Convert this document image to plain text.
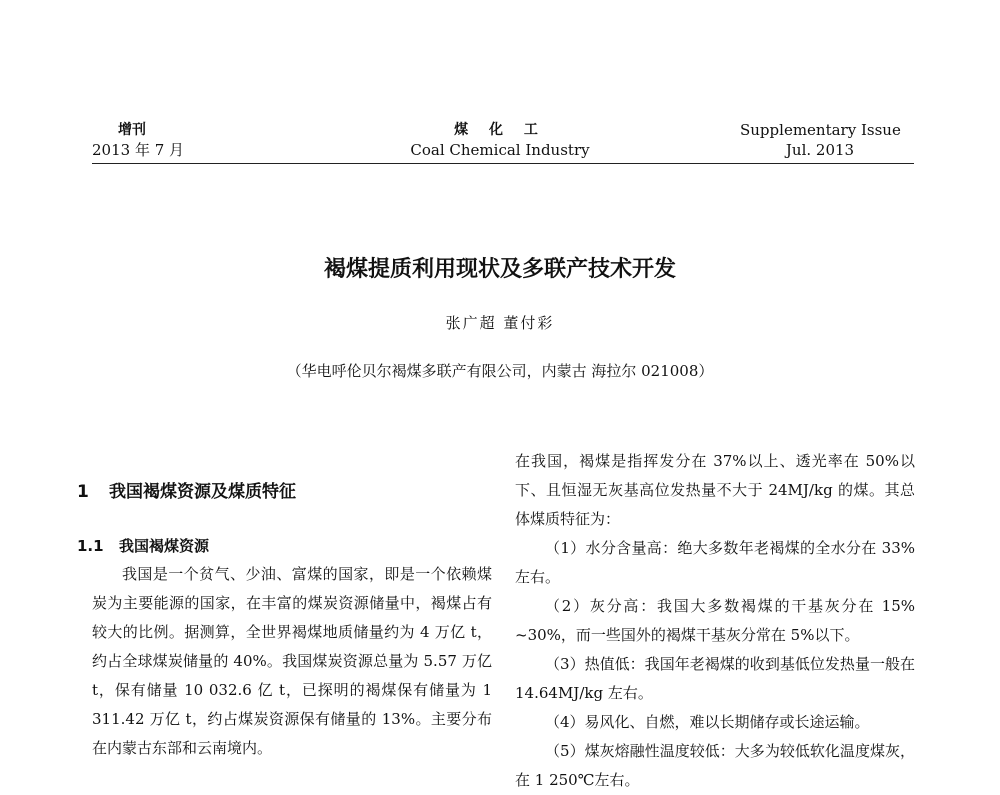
增刊
2013 年 7 月
煤 化 工
Coal Chemical Industry
Supplementary Issue
Jul. 2013
褐煤提质利用现状及多联产技术开发
张广超 董付彩
（华电呼伦贝尔褐煤多联产有限公司，内蒙古 海拉尔 021008）
1 我国褐煤资源及煤质特征
1.1 我国褐煤资源

我国是一个贫气、少油、富煤的国家，即是一个依赖煤炭为主要能源的国家，在丰富的煤炭资源储量中，褐煤占有较大的比例。据测算，全世界褐煤地质储量约为 4 万亿 t，约占全球煤炭储量的 40%。我国煤炭资源总量为 5.57 万亿 t，保有储量 10 032.6 亿 t，已探明的褐煤保有储量为 1 311.42 万亿 t，约占煤炭资源保有储量的 13%。主要分布在内蒙古东部和云南境内。

在我国，褐煤是指挥发分在 37%以上、透光率在 50%以下、且恒湿无灰基高位发热量不大于 24MJ/kg 的煤。其总体煤质特征为：

（1）水分含量高：绝大多数年老褐煤的全水分在 33%左右。

（2）灰分高：我国大多数褐煤的干基灰分在 15% ~30%，而一些国外的褐煤干基灰分常在 5%以下。

（3）热值低：我国年老褐煤的收到基低位发热量一般在 14.64MJ/kg 左右。

（4）易风化、自燃，难以长期储存或长途运输。

（5）煤灰熔融性温度较低：大多为较低软化温度煤灰，在 1 250℃左右。
